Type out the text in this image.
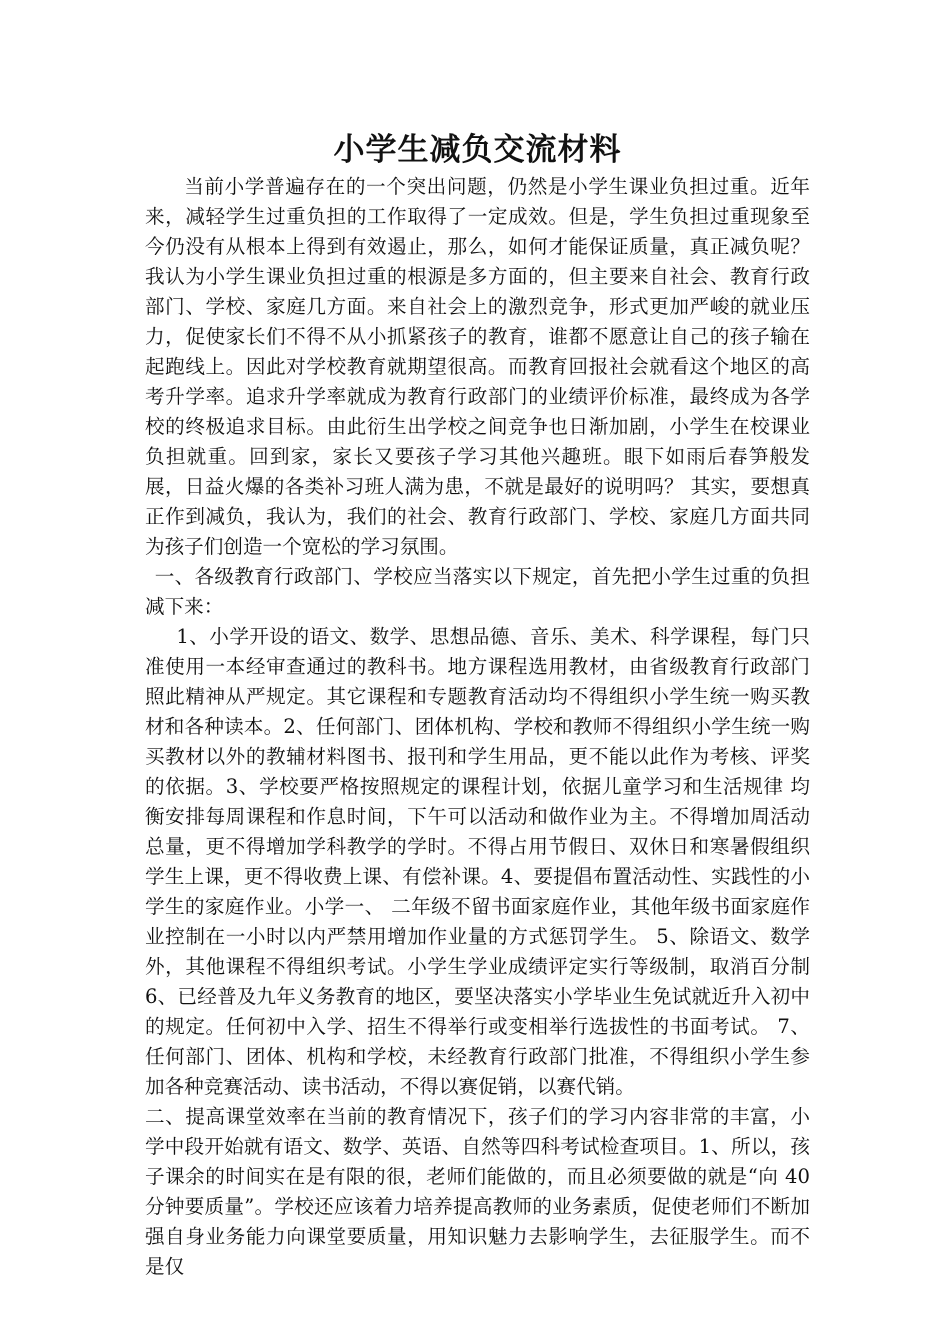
小学生减负交流材料

当前小学普遍存在的一个突出问题，仍然是小学生课业负担过重。近年来，减轻学生过重负担的工作取得了一定成效。但是，学生负担过重现象至今仍没有从根本上得到有效遏止，那么，如何才能保证质量，真正减负呢？ 我认为小学生课业负担过重的根源是多方面的，但主要来自社会、教育行政部门、学校、家庭几方面。来自社会上的激烈竞争，形式更加严峻的就业压力，促使家长们不得不从小抓紧孩子的教育，谁都不愿意让自己的孩子输在起跑线上。因此对学校教育就期望很高。而教育回报社会就看这个地区的高考升学率。追求升学率就成为教育行政部门的业绩评价标准，最终成为各学校的终极追求目标。由此衍生出学校之间竞争也日渐加剧，小学生在校课业负担就重。回到家，家长又要孩子学习其他兴趣班。眼下如雨后春笋般发展，日益火爆的各类补习班人满为患，不就是最好的说明吗？ 其实，要想真正作到减负，我认为，我们的社会、教育行政部门、学校、家庭几方面共同为孩子们创造一个宽松的学习氛围。

一、各级教育行政部门、学校应当落实以下规定，首先把小学生过重的负担减下来：

1、小学开设的语文、数学、思想品德、音乐、美术、科学课程，每门只准使用一本经审查通过的教科书。地方课程选用教材，由省级教育行政部门照此精神从严规定。其它课程和专题教育活动均不得组织小学生统一购买教材和各种读本。2、任何部门、团体机构、学校和教师不得组织小学生统一购买教材以外的教辅材料图书、报刊和学生用品，更不能以此作为考核、评奖的依据。3、学校要严格按照规定的课程计划，依据儿童学习和生活规律 均衡安排每周课程和作息时间，下午可以活动和做作业为主。不得增加周活动总量，更不得增加学科教学的学时。不得占用节假日、双休日和寒暑假组织学生上课，更不得收费上课、有偿补课。4、要提倡布置活动性、实践性的小学生的家庭作业。小学一、 二年级不留书面家庭作业，其他年级书面家庭作业控制在一小时以内严禁用增加作业量的方式惩罚学生。 5、除语文、数学外，其他课程不得组织考试。小学生学业成绩评定实行等级制，取消百分制 6、已经普及九年义务教育的地区，要坚决落实小学毕业生免试就近升入初中的规定。任何初中入学、招生不得举行或变相举行选拔性的书面考试。 7、任何部门、团体、机构和学校，未经教育行政部门批准，不得组织小学生参加各种竞赛活动、读书活动，不得以赛促销，以赛代销。

二、提高课堂效率在当前的教育情况下，孩子们的学习内容非常的丰富，小学中段开始就有语文、数学、英语、自然等四科考试检查项目。1、所以，孩子课余的时间实在是有限的很，老师们能做的，而且必须要做的就是“向 40 分钟要质量”。学校还应该着力培养提高教师的业务素质，促使老师们不断加强自身业务能力向课堂要质量，用知识魅力去影响学生，去征服学生。而不是仅
